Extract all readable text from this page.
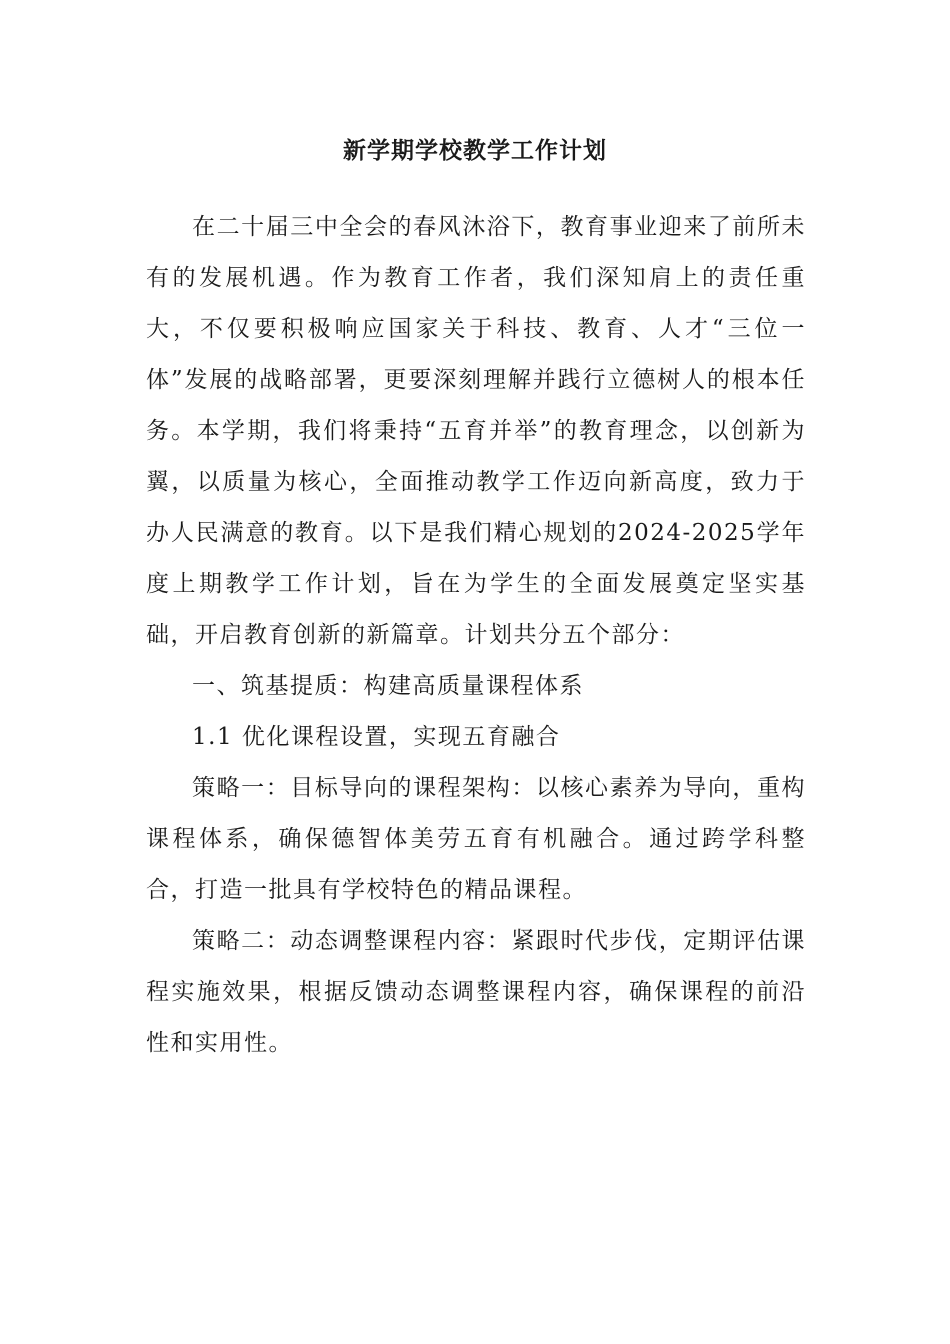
新学期学校教学工作计划

在二十届三中全会的春风沐浴下，教育事业迎来了前所未有的发展机遇。作为教育工作者，我们深知肩上的责任重大，不仅要积极响应国家关于科技、教育、人才“三位一体”发展的战略部署，更要深刻理解并践行立德树人的根本任务。本学期，我们将秉持“五育并举”的教育理念，以创新为翼，以质量为核心，全面推动教学工作迈向新高度，致力于办人民满意的教育。以下是我们精心规划的2024-2025学年度上期教学工作计划，旨在为学生的全面发展奠定坚实基础，开启教育创新的新篇章。计划共分五个部分：

一、筑基提质：构建高质量课程体系

1.1 优化课程设置，实现五育融合

策略一：目标导向的课程架构：以核心素养为导向，重构课程体系，确保德智体美劳五育有机融合。通过跨学科整合，打造一批具有学校特色的精品课程。

策略二：动态调整课程内容：紧跟时代步伐，定期评估课程实施效果，根据反馈动态调整课程内容，确保课程的前沿性和实用性。
